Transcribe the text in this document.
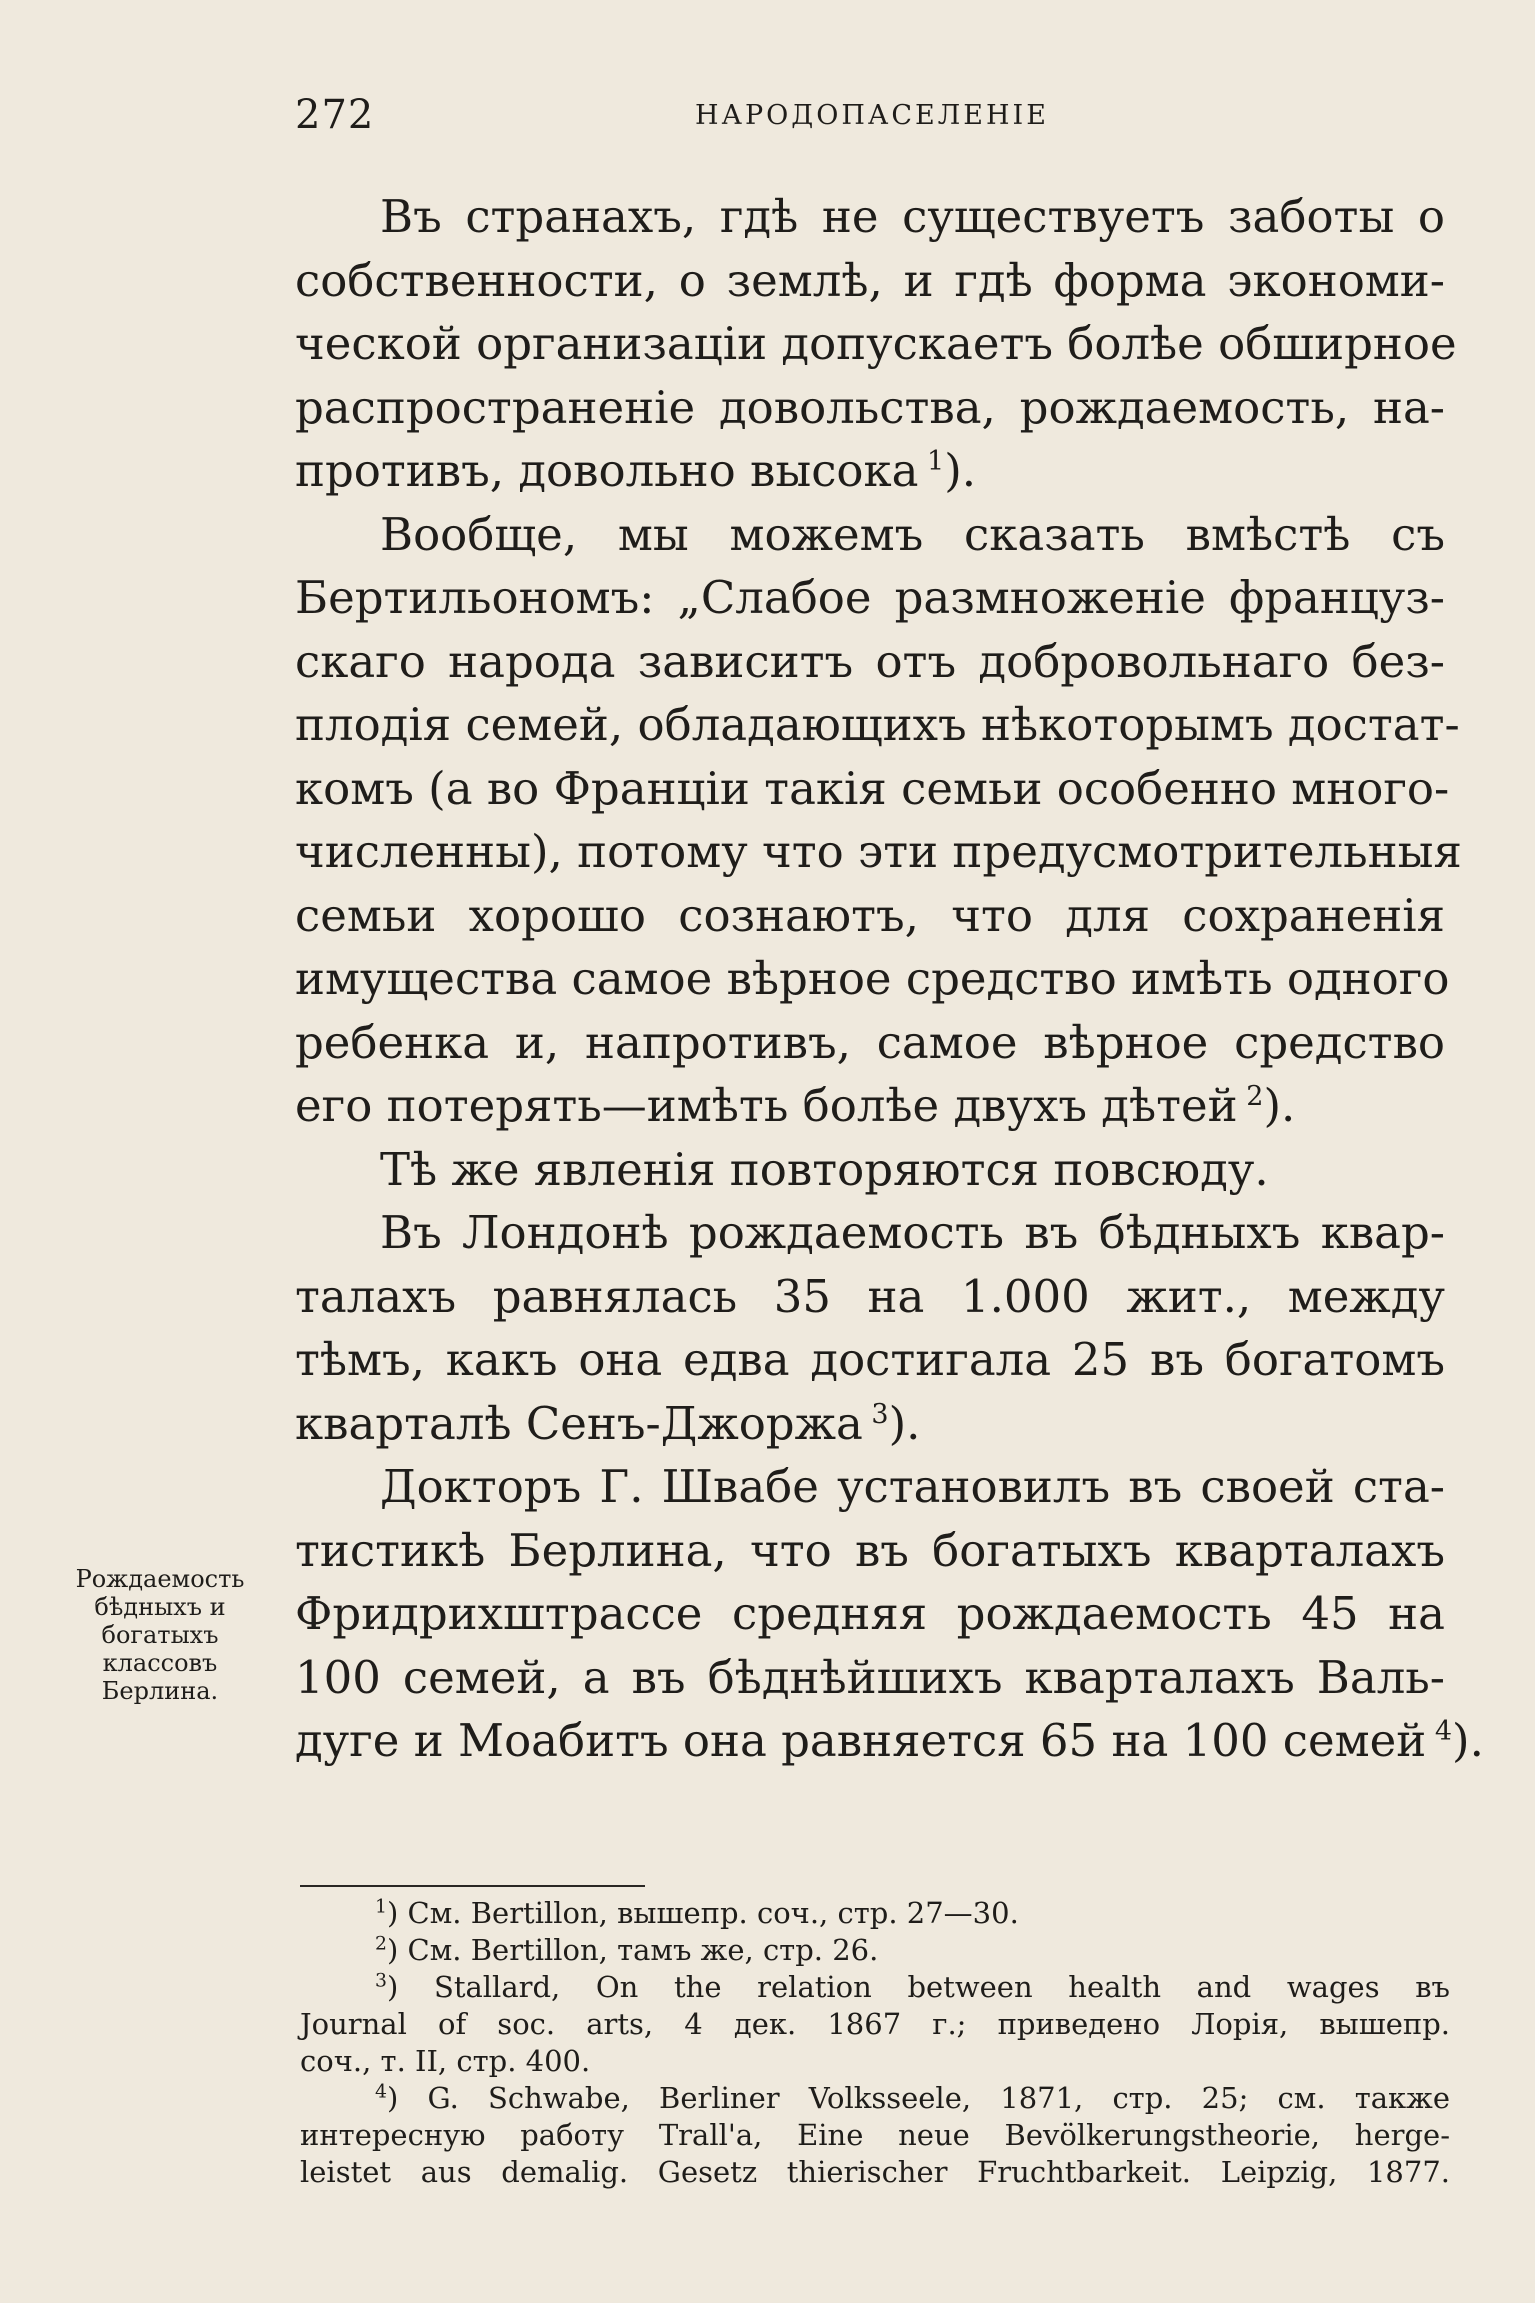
272	НАРОДОПАСЕЛЕНІЕ
Въ странахъ, гдѣ не существуетъ заботы о
собственности, о землѣ, и гдѣ форма экономи-
ческой организаціи допускаетъ болѣе обширное
распространеніе довольства, рождаемость, на-
противъ, довольно высока $^1$).
Вообще, мы можемъ сказать вмѣстѣ съ
Бертильономъ: „Слабое размноженіе француз-
скаго народа зависитъ отъ добровольнаго без-
плодія семей, обладающихъ нѣкоторымъ достат-
комъ (а во Франціи такія семьи особенно много-
численны), потому что эти предусмотрительныя
семьи хорошо сознаютъ, что для сохраненія
имущества самое вѣрное средство имѣть одного
ребенка и, напротивъ, самое вѣрное средство
его потерять—имѣть болѣе двухъ дѣтей $^2$).
Тѣ же явленія повторяются повсюду.
Въ Лондонѣ рождаемость въ бѣдныхъ квар-
талахъ равнялась 35 на 1.000 жит., между
тѣмъ, какъ она едва достигала 25 въ богатомъ
кварталѣ Сенъ-Джоржа $^3$).
Докторъ Г. Швабе установилъ въ своей ста-
тистикѣ Берлина, что въ богатыхъ кварталахъ
Фридрихштрассе средняя рождаемость 45 на
100 семей, а въ бѣднѣйшихъ кварталахъ Валь-
дуге и Моабитъ она равняется 65 на 100 семей $^4$).
Рождаемость
бѣдныхъ и
богатыхъ
классовъ
Берлина.
$^1$) См. Bertillon, вышепр. соч., стр. 27—30.
$^2$) См. Bertillon, тамъ же, стр. 26.
$^3$) Stallard, On the relation between health and wages въ
Journal of soc. arts, 4 дек. 1867 г.; приведено Лорія, вышепр.
соч., т. II, стр. 400.
$^4$) G. Schwabe, Berliner Volksseele, 1871, стр. 25; см. также
интересную работу Trall'а, Eine neue Bevölkerungstheorie, herge-
leistet aus demalig. Gesetz thierischer Fruchtbarkeit. Leipzig, 1877.
